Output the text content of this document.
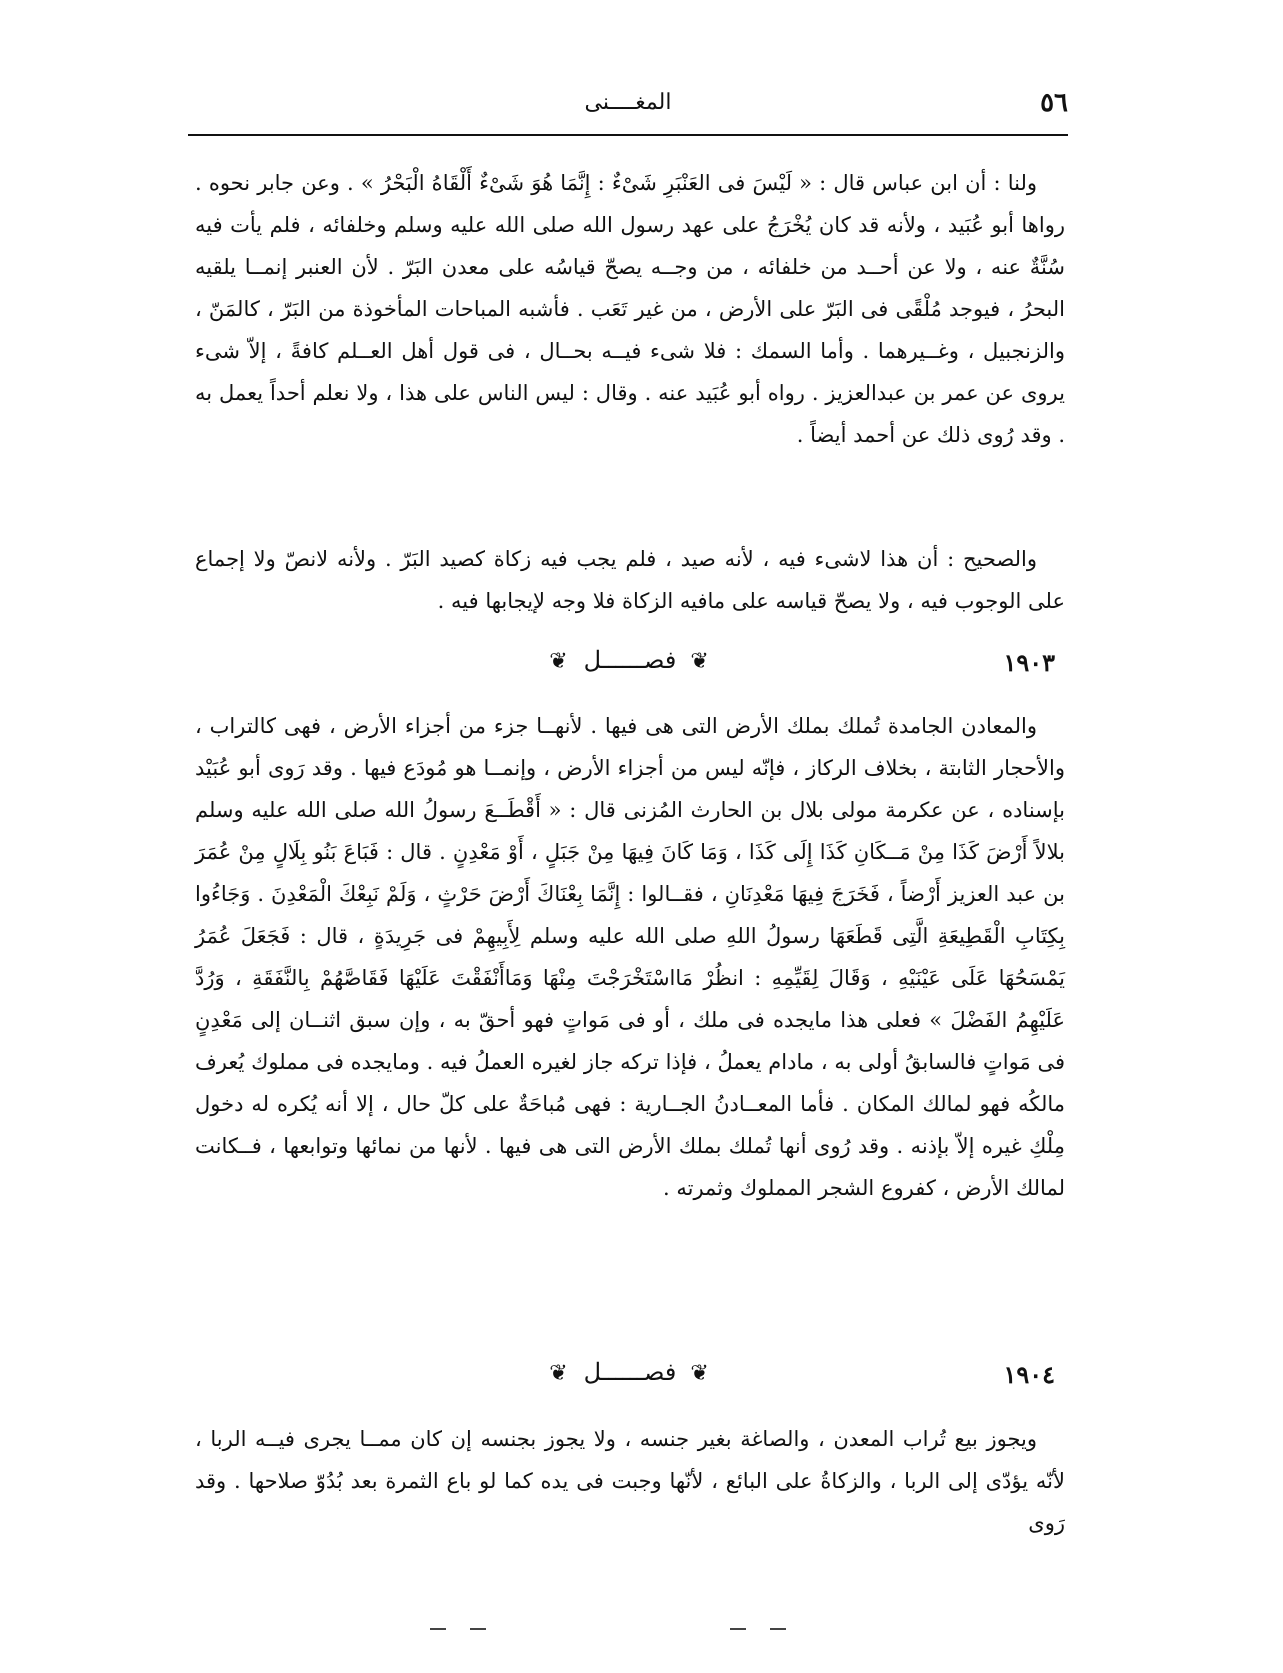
٥٦
المغــــنى

ولنا : أن ابن عباس قال : « لَيْسَ فى العَنْبَرِ شَىْءٌ : إِنَّمَا هُوَ شَىْءٌ أَلْقَاهُ الْبَحْرُ » . وعن جابر نحوه . رواها أبو عُبَيد ، ولأنه قد كان يُخْرَجُ على عهد رسول الله صلى الله عليه وسلم وخلفائه ، فلم يأت فيه سُنَّةٌ عنه ، ولا عن أحــد من خلفائه ، من وجــه يصحّ قياسُه على معدن البَرّ . لأن العنبر إنمــا يلقيه البحرُ ، فيوجد مُلْقًى فى البَرّ على الأرض ، من غير تَعَب . فأشبه المباحات المأخوذة من البَرّ ، كالمَنّ ، والزنجبيل ، وغــيرهما . وأما السمك : فلا شىء فيــه بحــال ، فى قول أهل العــلم كافةً ، إلاّ شىء يروى عن عمر بن عبدالعزيز . رواه أبو عُبَيد عنه . وقال : ليس الناس على هذا ، ولا نعلم أحداً يعمل به . وقد رُوى ذلك عن أحمد أيضاً .

والصحيح : أن هذا لاشىء فيه ، لأنه صيد ، فلم يجب فيه زكاة كصيد البَرّ . ولأنه لانصّ ولا إجماع على الوجوب فيه ، ولا يصحّ قياسه على مافيه الزكاة فلا وجه لإيجابها فيه .

١٩٠٣
❦فصــــــل❦

والمعادن الجامدة تُملك بملك الأرض التى هى فيها . لأنهــا جزء من أجزاء الأرض ، فهى كالتراب ، والأحجار الثابتة ، بخلاف الركاز ، فإنّه ليس من أجزاء الأرض ، وإنمــا هو مُودَع فيها . وقد رَوى أبو عُبَيْد بإسناده ، عن عكرمة مولى بلال بن الحارث المُزنى قال : « أَقْطَــعَ رسولُ الله صلى الله عليه وسلم بلالاً أَرْضَ كَذَا مِنْ مَــكَانِ كَذَا إِلَى كَذَا ، وَمَا كَانَ فِيهَا مِنْ جَبَلٍ ، أَوْ مَعْدِنٍ . قال : فَبَاعَ بَنُو بِلَالٍ مِنْ عُمَرَ بن عبد العزيز أَرْضاً ، فَخَرَجَ فِيهَا مَعْدِنَانِ ، فقــالوا : إِنَّمَا بِعْنَاكَ أَرْضَ حَرْثٍ ، وَلَمْ نَبِعْكَ الْمَعْدِنَ . وَجَاءُوا بِكِتَابِ الْقَطِيعَةِ الَّتِى قَطَعَهَا رسولُ اللهِ صلى الله عليه وسلم لِأَبِيهِمْ فى جَرِيدَةٍ ، قال : فَجَعَلَ عُمَرُ يَمْسَحُهَا عَلَى عَيْنَيْهِ ، وَقَالَ لِقَيِّمِهِ : انظُرْ مَااسْتَخْرَجْتَ مِنْهَا وَمَاأَنْفَقْتَ عَلَيْهَا فَقَاصَّهُمْ بِالنَّفَقَةِ ، وَرُدَّ عَلَيْهِمُ الفَضْلَ » فعلى هذا مايجده فى ملك ، أو فى مَواتٍ فهو أحقّ به ، وإن سبق اثنــان إلى مَعْدِنٍ فى مَواتٍ فالسابقُ أولى به ، مادام يعملُ ، فإذا تركه جاز لغيره العملُ فيه . ومايجده فى مملوك يُعرف مالكُه فهو لمالك المكان . فأما المعــادنُ الجــارية : فهى مُباحَةٌ على كلّ حال ، إلا أنه يُكره له دخول مِلْكِ غيره إلاّ بإذنه . وقد رُوى أنها تُملك بملك الأرض التى هى فيها . لأنها من نمائها وتوابعها ، فــكانت لمالك الأرض ، كفروع الشجر المملوك وثمرته .

١٩٠٤
❦فصــــــل❦

ويجوز بيع تُراب المعدن ، والصاغة بغير جنسه ، ولا يجوز بجنسه إن كان ممــا يجرى فيــه الربا ، لأنّه يؤدّى إلى الربا ، والزكاةُ على البائع ، لأنّها وجبت فى يده كما لو باع الثمرة بعد بُدُوّ صلاحها . وقد رَوى
